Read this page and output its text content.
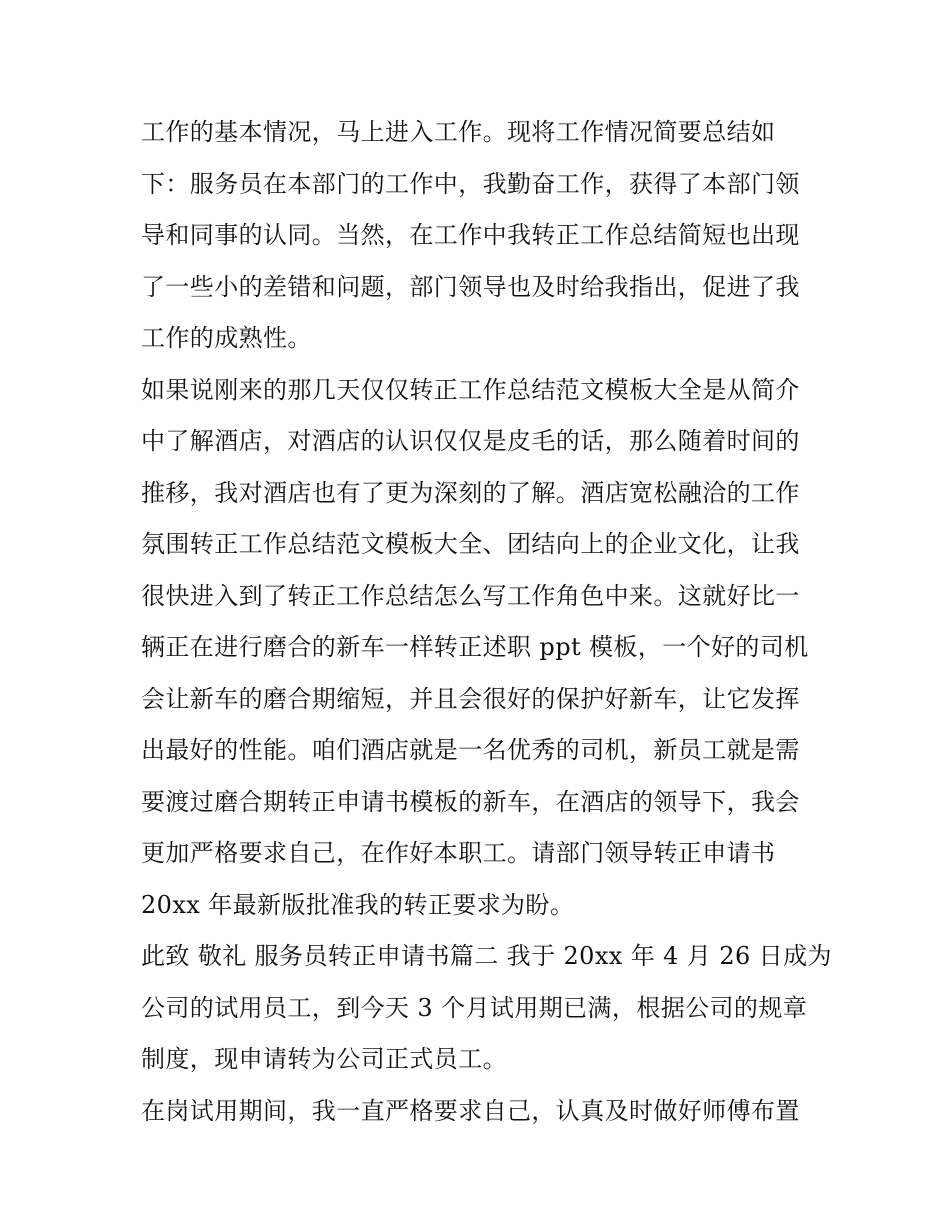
工作的基本情况，马上进入工作。现将工作情况简要总结如
下：服务员在本部门的工作中，我勤奋工作，获得了本部门领
导和同事的认同。当然，在工作中我转正工作总结简短也出现
了一些小的差错和问题，部门领导也及时给我指出，促进了我
工作的成熟性。
如果说刚来的那几天仅仅转正工作总结范文模板大全是从简介
中了解酒店，对酒店的认识仅仅是皮毛的话，那么随着时间的
推移，我对酒店也有了更为深刻的了解。酒店宽松融洽的工作
氛围转正工作总结范文模板大全、团结向上的企业文化，让我
很快进入到了转正工作总结怎么写工作角色中来。这就好比一
辆正在进行磨合的新车一样转正述职 ppt 模板，一个好的司机
会让新车的磨合期缩短，并且会很好的保护好新车，让它发挥
出最好的性能。咱们酒店就是一名优秀的司机，新员工就是需
要渡过磨合期转正申请书模板的新车，在酒店的领导下，我会
更加严格要求自己，在作好本职工。请部门领导转正申请书
20xx 年最新版批准我的转正要求为盼。
此致 敬礼 服务员转正申请书篇二 我于 20xx 年 4 月 26 日成为
公司的试用员工，到今天 3 个月试用期已满，根据公司的规章
制度，现申请转为公司正式员工。
在岗试用期间，我一直严格要求自己，认真及时做好师傅布置
